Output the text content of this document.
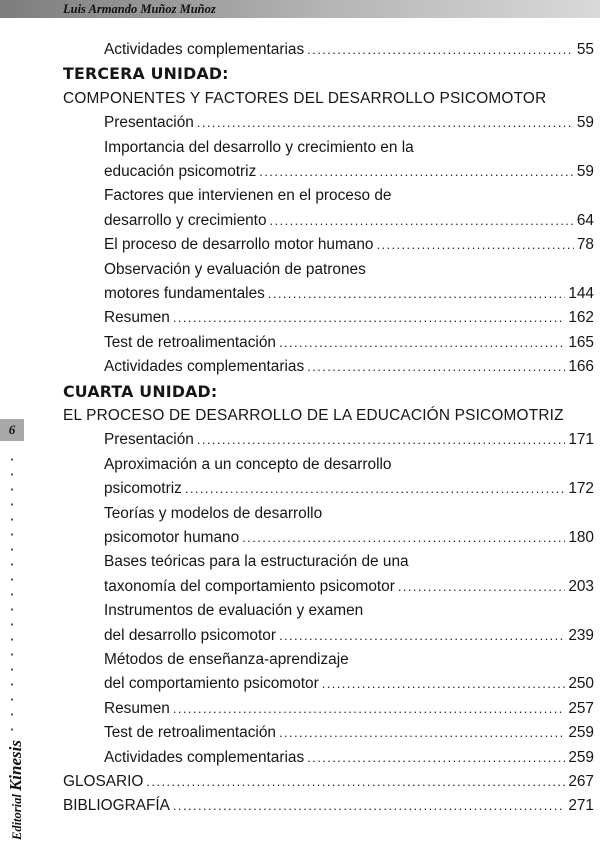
Luis Armando Muñoz Muñoz
6
Editorial Kinesis
Actividades complementarias .....	55
TERCERA UNIDAD:
COMPONENTES Y FACTORES DEL DESARROLLO PSICOMOTOR
Presentación .....	59
Importancia del desarrollo y crecimiento en la
educación psicomotriz .....	59
Factores que intervienen en el proceso de
desarrollo y crecimiento .....	64
El proceso de desarrollo motor humano .....	78
Observación y evaluación de patrones
motores fundamentales .....	144
Resumen .....	162
Test de retroalimentación .....	165
Actividades complementarias .....	166
CUARTA UNIDAD:
EL PROCESO DE DESARROLLO DE LA EDUCACIÓN PSICOMOTRIZ
Presentación .....	171
Aproximación a un concepto de desarrollo
psicomotriz .....	172
Teorías y modelos de desarrollo
psicomotor humano .....	180
Bases teóricas para la estructuración de una
taxonomía del comportamiento psicomotor .....	203
Instrumentos de evaluación y examen
del desarrollo psicomotor .....	239
Métodos de enseñanza-aprendizaje
del comportamiento psicomotor .....	250
Resumen .....	257
Test de retroalimentación .....	259
Actividades complementarias .....	259
GLOSARIO .....	267
BIBLIOGRAFÍA .....	271
